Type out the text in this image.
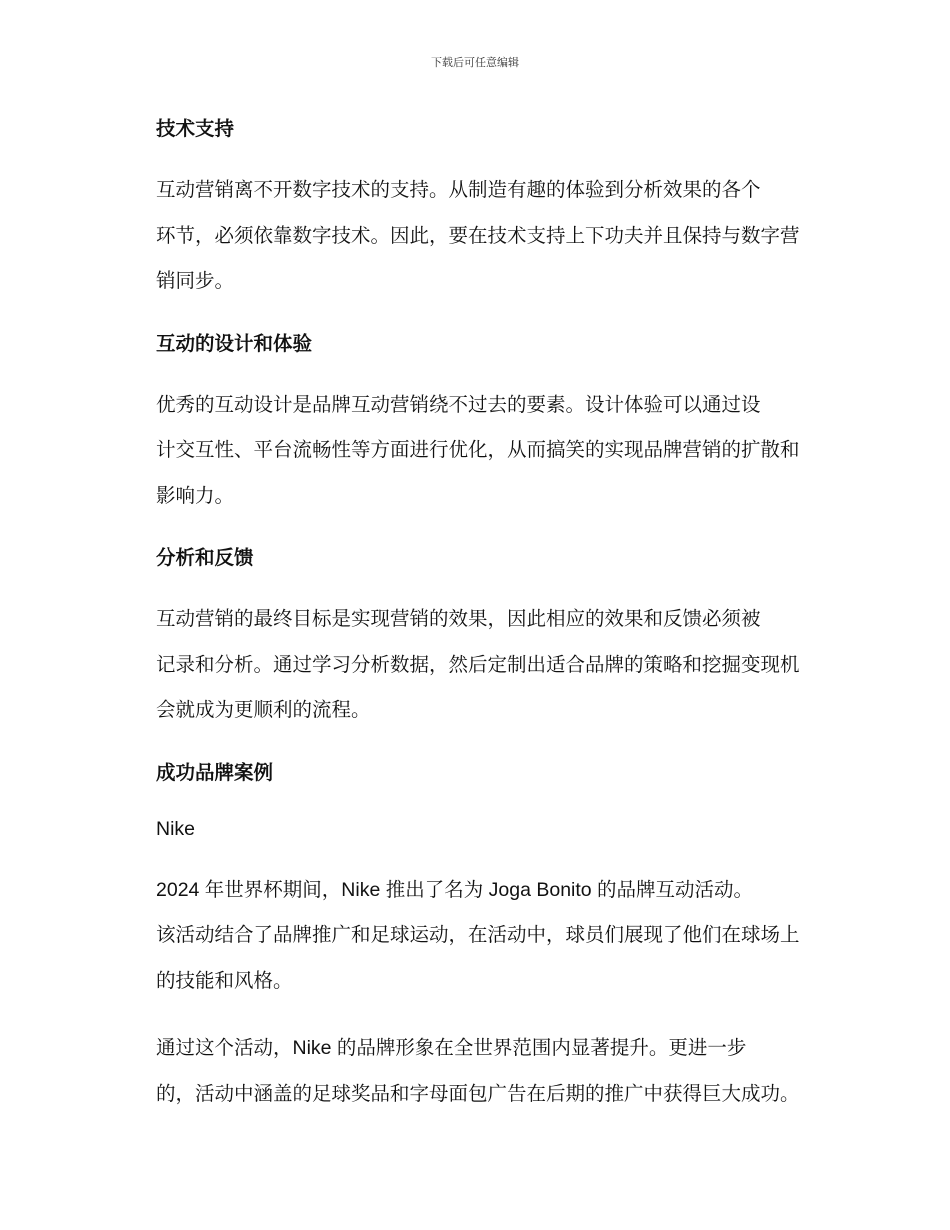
下载后可任意编辑
技术支持
互动营销离不开数字技术的支持。从制造有趣的体验到分析效果的各个
环节，必须依靠数字技术。因此，要在技术支持上下功夫并且保持与数字营
销同步。
互动的设计和体验
优秀的互动设计是品牌互动营销绕不过去的要素。设计体验可以通过设
计交互性、平台流畅性等方面进行优化，从而搞笑的实现品牌营销的扩散和
影响力。
分析和反馈
互动营销的最终目标是实现营销的效果，因此相应的效果和反馈必须被
记录和分析。通过学习分析数据，然后定制出适合品牌的策略和挖掘变现机
会就成为更顺利的流程。
成功品牌案例
Nike
2024 年世界杯期间，Nike 推出了名为 Joga Bonito 的品牌互动活动。
该活动结合了品牌推广和足球运动，在活动中，球员们展现了他们在球场上
的技能和风格。
通过这个活动，Nike 的品牌形象在全世界范围内显著提升。更进一步
的，活动中涵盖的足球奖品和字母面包广告在后期的推广中获得巨大成功。
